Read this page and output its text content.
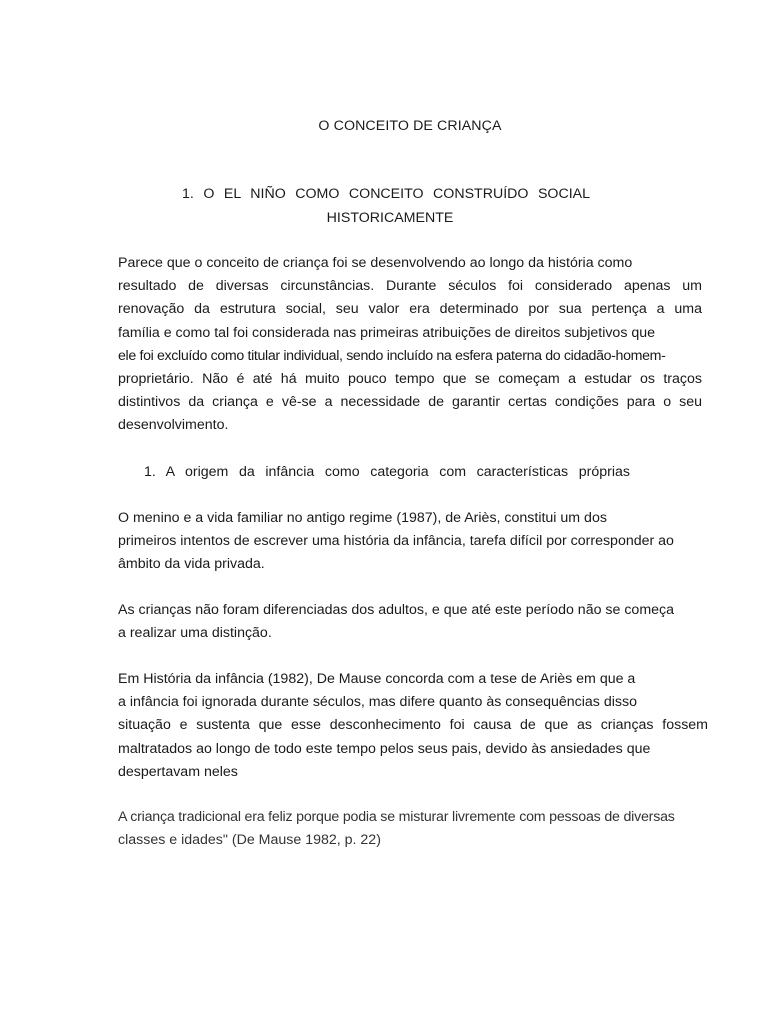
O CONCEITO DE CRIANÇA
1. O EL NIÑO COMO CONCEITO CONSTRUÍDO SOCIAL
HISTORICAMENTE
Parece que o conceito de criança foi se desenvolvendo ao longo da história como
resultado de diversas circunstâncias. Durante séculos foi considerado apenas um
renovação da estrutura social, seu valor era determinado por sua pertença a uma
família e como tal foi considerada nas primeiras atribuições de direitos subjetivos que
ele foi excluído como titular individual, sendo incluído na esfera paterna do cidadão-homem-
proprietário. Não é até há muito pouco tempo que se começam a estudar os traços
distintivos da criança e vê-se a necessidade de garantir certas condições para o seu
desenvolvimento.
1. A origem da infância como categoria com características próprias
O menino e a vida familiar no antigo regime (1987), de Ariès, constitui um dos
primeiros intentos de escrever uma história da infância, tarefa difícil por corresponder ao
âmbito da vida privada.
As crianças não foram diferenciadas dos adultos, e que até este período não se começa
a realizar uma distinção.
Em História da infância (1982), De Mause concorda com a tese de Ariès em que a
a infância foi ignorada durante séculos, mas difere quanto às consequências disso
situação e sustenta que esse desconhecimento foi causa de que as crianças fossem
maltratados ao longo de todo este tempo pelos seus pais, devido às ansiedades que
despertavam neles
A criança tradicional era feliz porque podia se misturar livremente com pessoas de diversas
classes e idades" (De Mause 1982, p. 22)
